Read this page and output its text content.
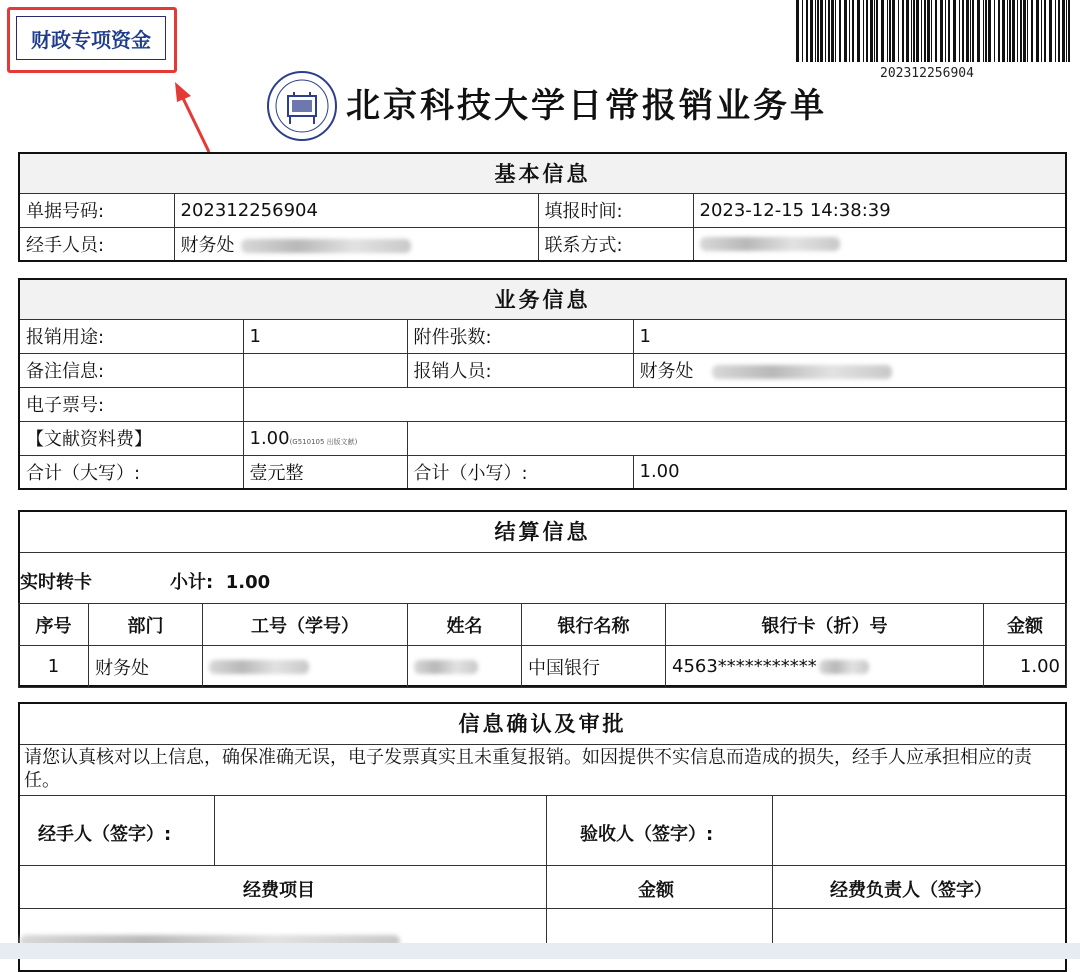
财政专项资金
202312256904
北京科技大学日常报销业务单
基本信息			
单据号码:	202312256904	填报时间:	2023-12-15 14:38:39
经手人员:	财务处	联系方式:	
业务信息			
报销用途:	1	附件张数:	1
备注信息:		报销人员:	财务处
电子票号:			
【文献资料费】	1.00(G510105 出版文献)		
合计（大写）:	壹元整	合计（小写）:	1.00
结算信息
实时转卡	小计: 1.00
序号	部门	工号（学号）	姓名	银行名称	银行卡（折）号	金额
1	财务处			中国银行	4563***********	1.00
信息确认及审批
请您认真核对以上信息，确保准确无误，电子发票真实且未重复报销。如因提供不实信息而造成的损失，经手人应承担相应的责任。
经手人（签字）:	验收人（签字）:
经费项目	金额	经费负责人（签字）
